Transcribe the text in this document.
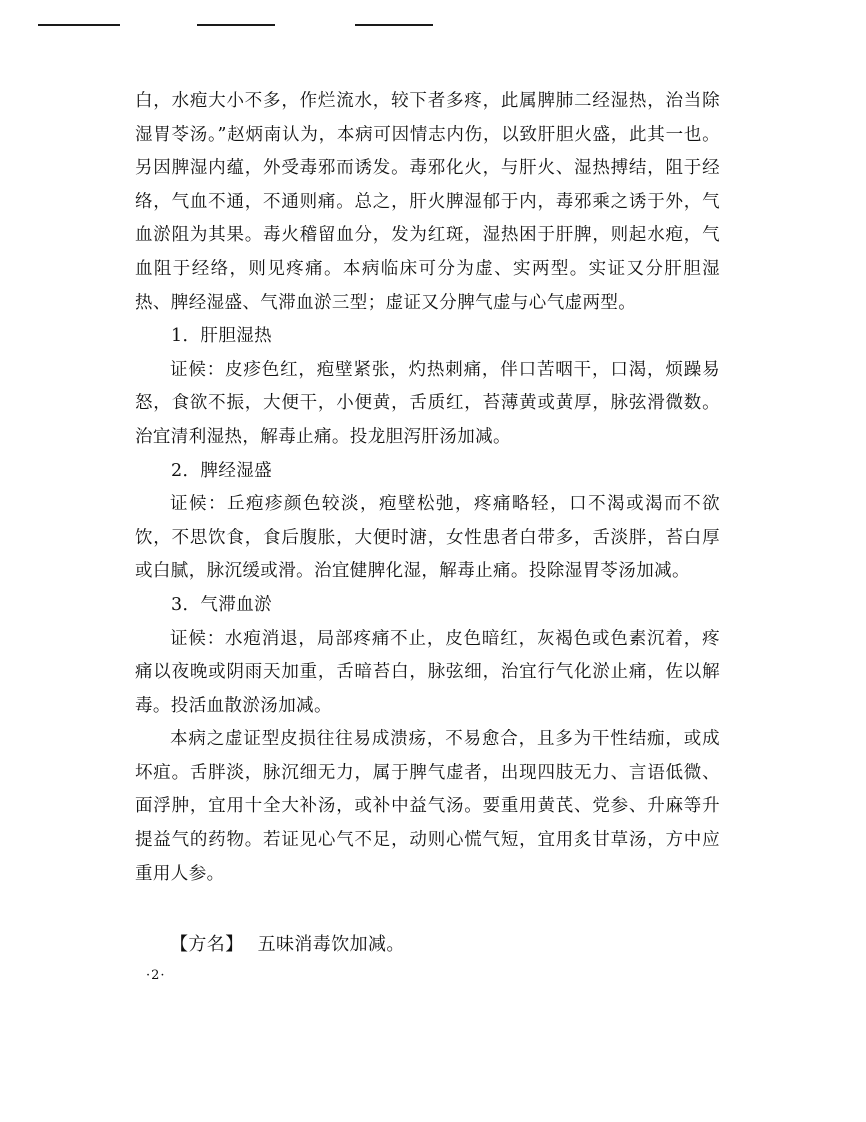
白，水疱大小不多，作烂流水，较下者多疼，此属脾肺二经湿热，治当除湿胃苓汤。”赵炳南认为，本病可因情志内伤，以致肝胆火盛，此其一也。另因脾湿内蕴，外受毒邪而诱发。毒邪化火，与肝火、湿热搏结，阻于经络，气血不通，不通则痛。总之，肝火脾湿郁于内，毒邪乘之诱于外，气血淤阻为其果。毒火稽留血分，发为红斑，湿热困于肝脾，则起水疱，气血阻于经络，则见疼痛。本病临床可分为虚、实两型。实证又分肝胆湿热、脾经湿盛、气滞血淤三型；虚证又分脾气虚与心气虚两型。

1．肝胆湿热

证候：皮疹色红，疱壁紧张，灼热刺痛，伴口苦咽干，口渴，烦躁易怒，食欲不振，大便干，小便黄，舌质红，苔薄黄或黄厚，脉弦滑微数。治宜清利湿热，解毒止痛。投龙胆泻肝汤加减。

2．脾经湿盛

证候：丘疱疹颜色较淡，疱壁松弛，疼痛略轻，口不渴或渴而不欲饮，不思饮食，食后腹胀，大便时溏，女性患者白带多，舌淡胖，苔白厚或白腻，脉沉缓或滑。治宜健脾化湿，解毒止痛。投除湿胃苓汤加减。

3．气滞血淤

证候：水疱消退，局部疼痛不止，皮色暗红，灰褐色或色素沉着，疼痛以夜晚或阴雨天加重，舌暗苔白，脉弦细，治宜行气化淤止痛，佐以解毒。投活血散淤汤加减。

本病之虚证型皮损往往易成溃疡，不易愈合，且多为干性结痂，或成坏疽。舌胖淡，脉沉细无力，属于脾气虚者，出现四肢无力、言语低微、面浮肿，宜用十全大补汤，或补中益气汤。要重用黄芪、党参、升麻等升提益气的药物。若证见心气不足，动则心慌气短，宜用炙甘草汤，方中应重用人参。

【方名】 五味消毒饮加减。
·2·
